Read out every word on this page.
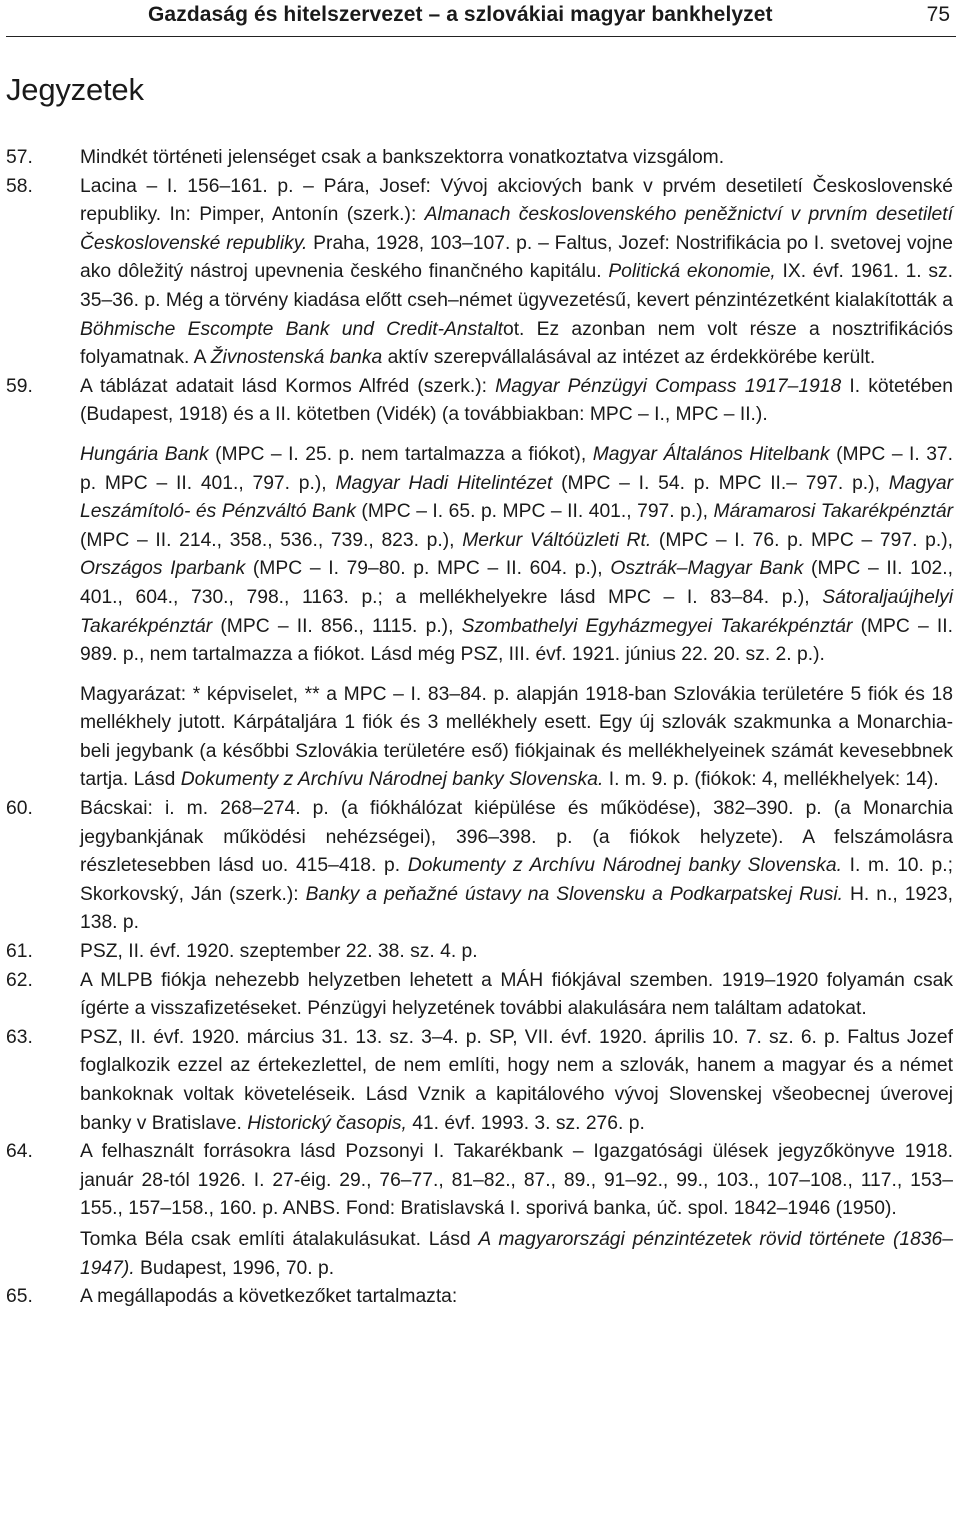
Gazdaság és hitelszervezet – a szlovákiai magyar bankhelyzet	75
Jegyzetek
57.	Mindkét történeti jelenséget csak a bankszektorra vonatkoztatva vizsgálom.

58.	Lacina – I. 156–161. p. – Pára, Josef: Vývoj akciových bank v prvém desetiletí Československé republiky. In: Pimper, Antonín (szerk.): Almanach československého peněžnictví v prvním desetiletí Československé republiky. Praha, 1928, 103–107. p. – Faltus, Jozef: Nostrifikácia po I. svetovej vojne ako dôležitý nástroj upevnenia českého finančného kapitálu. Politická ekonomie, IX. évf. 1961. 1. sz. 35–36. p. Még a törvény kiadása előtt cseh–német ügyvezetésű, kevert pénzintézetként kialakították a Böhmische Escompte Bank und Credit-Anstaltot. Ez azonban nem volt része a nosztrifikációs folyamatnak. A Živnostenská banka aktív szerepvállalásával az intézet az érdekkörébe került.

59.	A táblázat adatait lásd Kormos Alfréd (szerk.): Magyar Pénzügyi Compass 1917–1918 I. kötetében (Budapest, 1918) és a II. kötetben (Vidék) (a továbbiakban: MPC – I., MPC – II.).

Hungária Bank (MPC – I. 25. p. nem tartalmazza a fiókot), Magyar Általános Hitelbank (MPC – I. 37. p. MPC – II. 401., 797. p.), Magyar Hadi Hitelintézet (MPC – I. 54. p. MPC II.– 797. p.), Magyar Leszámítoló- és Pénzváltó Bank (MPC – I. 65. p. MPC – II. 401., 797. p.), Máramarosi Takarékpénztár (MPC – II. 214., 358., 536., 739., 823. p.), Merkur Váltóüzleti Rt. (MPC – I. 76. p. MPC – 797. p.), Országos Iparbank (MPC – I. 79–80. p. MPC – II. 604. p.), Osztrák–Magyar Bank (MPC – II. 102., 401., 604., 730., 798., 1163. p.; a mellékhelyekre lásd MPC – I. 83–84. p.), Sátoraljaújhelyi Takarékpénztár (MPC – II. 856., 1115. p.), Szombathelyi Egyházmegyei Takarékpénztár (MPC – II. 989. p., nem tartalmazza a fiókot. Lásd még PSZ, III. évf. 1921. június 22. 20. sz. 2. p.).

Magyarázat: * képviselet, ** a MPC – I. 83–84. p. alapján 1918-ban Szlovákia területére 5 fiók és 18 mellékhely jutott. Kárpátaljára 1 fiók és 3 mellékhely esett. Egy új szlovák szakmunka a Monarchia-beli jegybank (a későbbi Szlovákia területére eső) fiókjainak és mellékhelyeinek számát kevesebbnek tartja. Lásd Dokumenty z Archívu Národnej banky Slovenska. I. m. 9. p. (fiókok: 4, mellékhelyek: 14).

60.	Bácskai: i. m. 268–274. p. (a fiókhálózat kiépülése és működése), 382–390. p. (a Monarchia jegybankjának működési nehézségei), 396–398. p. (a fiókok helyzete). A felszámolásra részletesebben lásd uo. 415–418. p. Dokumenty z Archívu Národnej banky Slovenska. I. m. 10. p.; Skorkovský, Ján (szerk.): Banky a peňažné ústavy na Slovensku a Podkarpatskej Rusi. H. n., 1923, 138. p.

61.	PSZ, II. évf. 1920. szeptember 22. 38. sz. 4. p.

62.	A MLPB fiókja nehezebb helyzetben lehetett a MÁH fiókjával szemben. 1919–1920 folyamán csak ígérte a visszafizetéseket. Pénzügyi helyzetének további alakulására nem találtam adatokat.

63.	PSZ, II. évf. 1920. március 31. 13. sz. 3–4. p. SP, VII. évf. 1920. április 10. 7. sz. 6. p. Faltus Jozef foglalkozik ezzel az értekezlettel, de nem említi, hogy nem a szlovák, hanem a magyar és a német bankoknak voltak követeléseik. Lásd Vznik a kapitálového vývoj Slovenskej všeobecnej úverovej banky v Bratislave. Historický časopis, 41. évf. 1993. 3. sz. 276. p.

64.	A felhasznált forrásokra lásd Pozsonyi I. Takarékbank – Igazgatósági ülések jegyzőkönyve 1918. január 28-tól 1926. I. 27-éig. 29., 76–77., 81–82., 87., 89., 91–92., 99., 103., 107–108., 117., 153–155., 157–158., 160. p. ANBS. Fond: Bratislavská I. sporivá banka, úč. spol. 1842–1946 (1950).

Tomka Béla csak említi átalakulásukat. Lásd A magyarországi pénzintézetek rövid története (1836–1947). Budapest, 1996, 70. p.

65.	A megállapodás a következőket tartalmazta:
